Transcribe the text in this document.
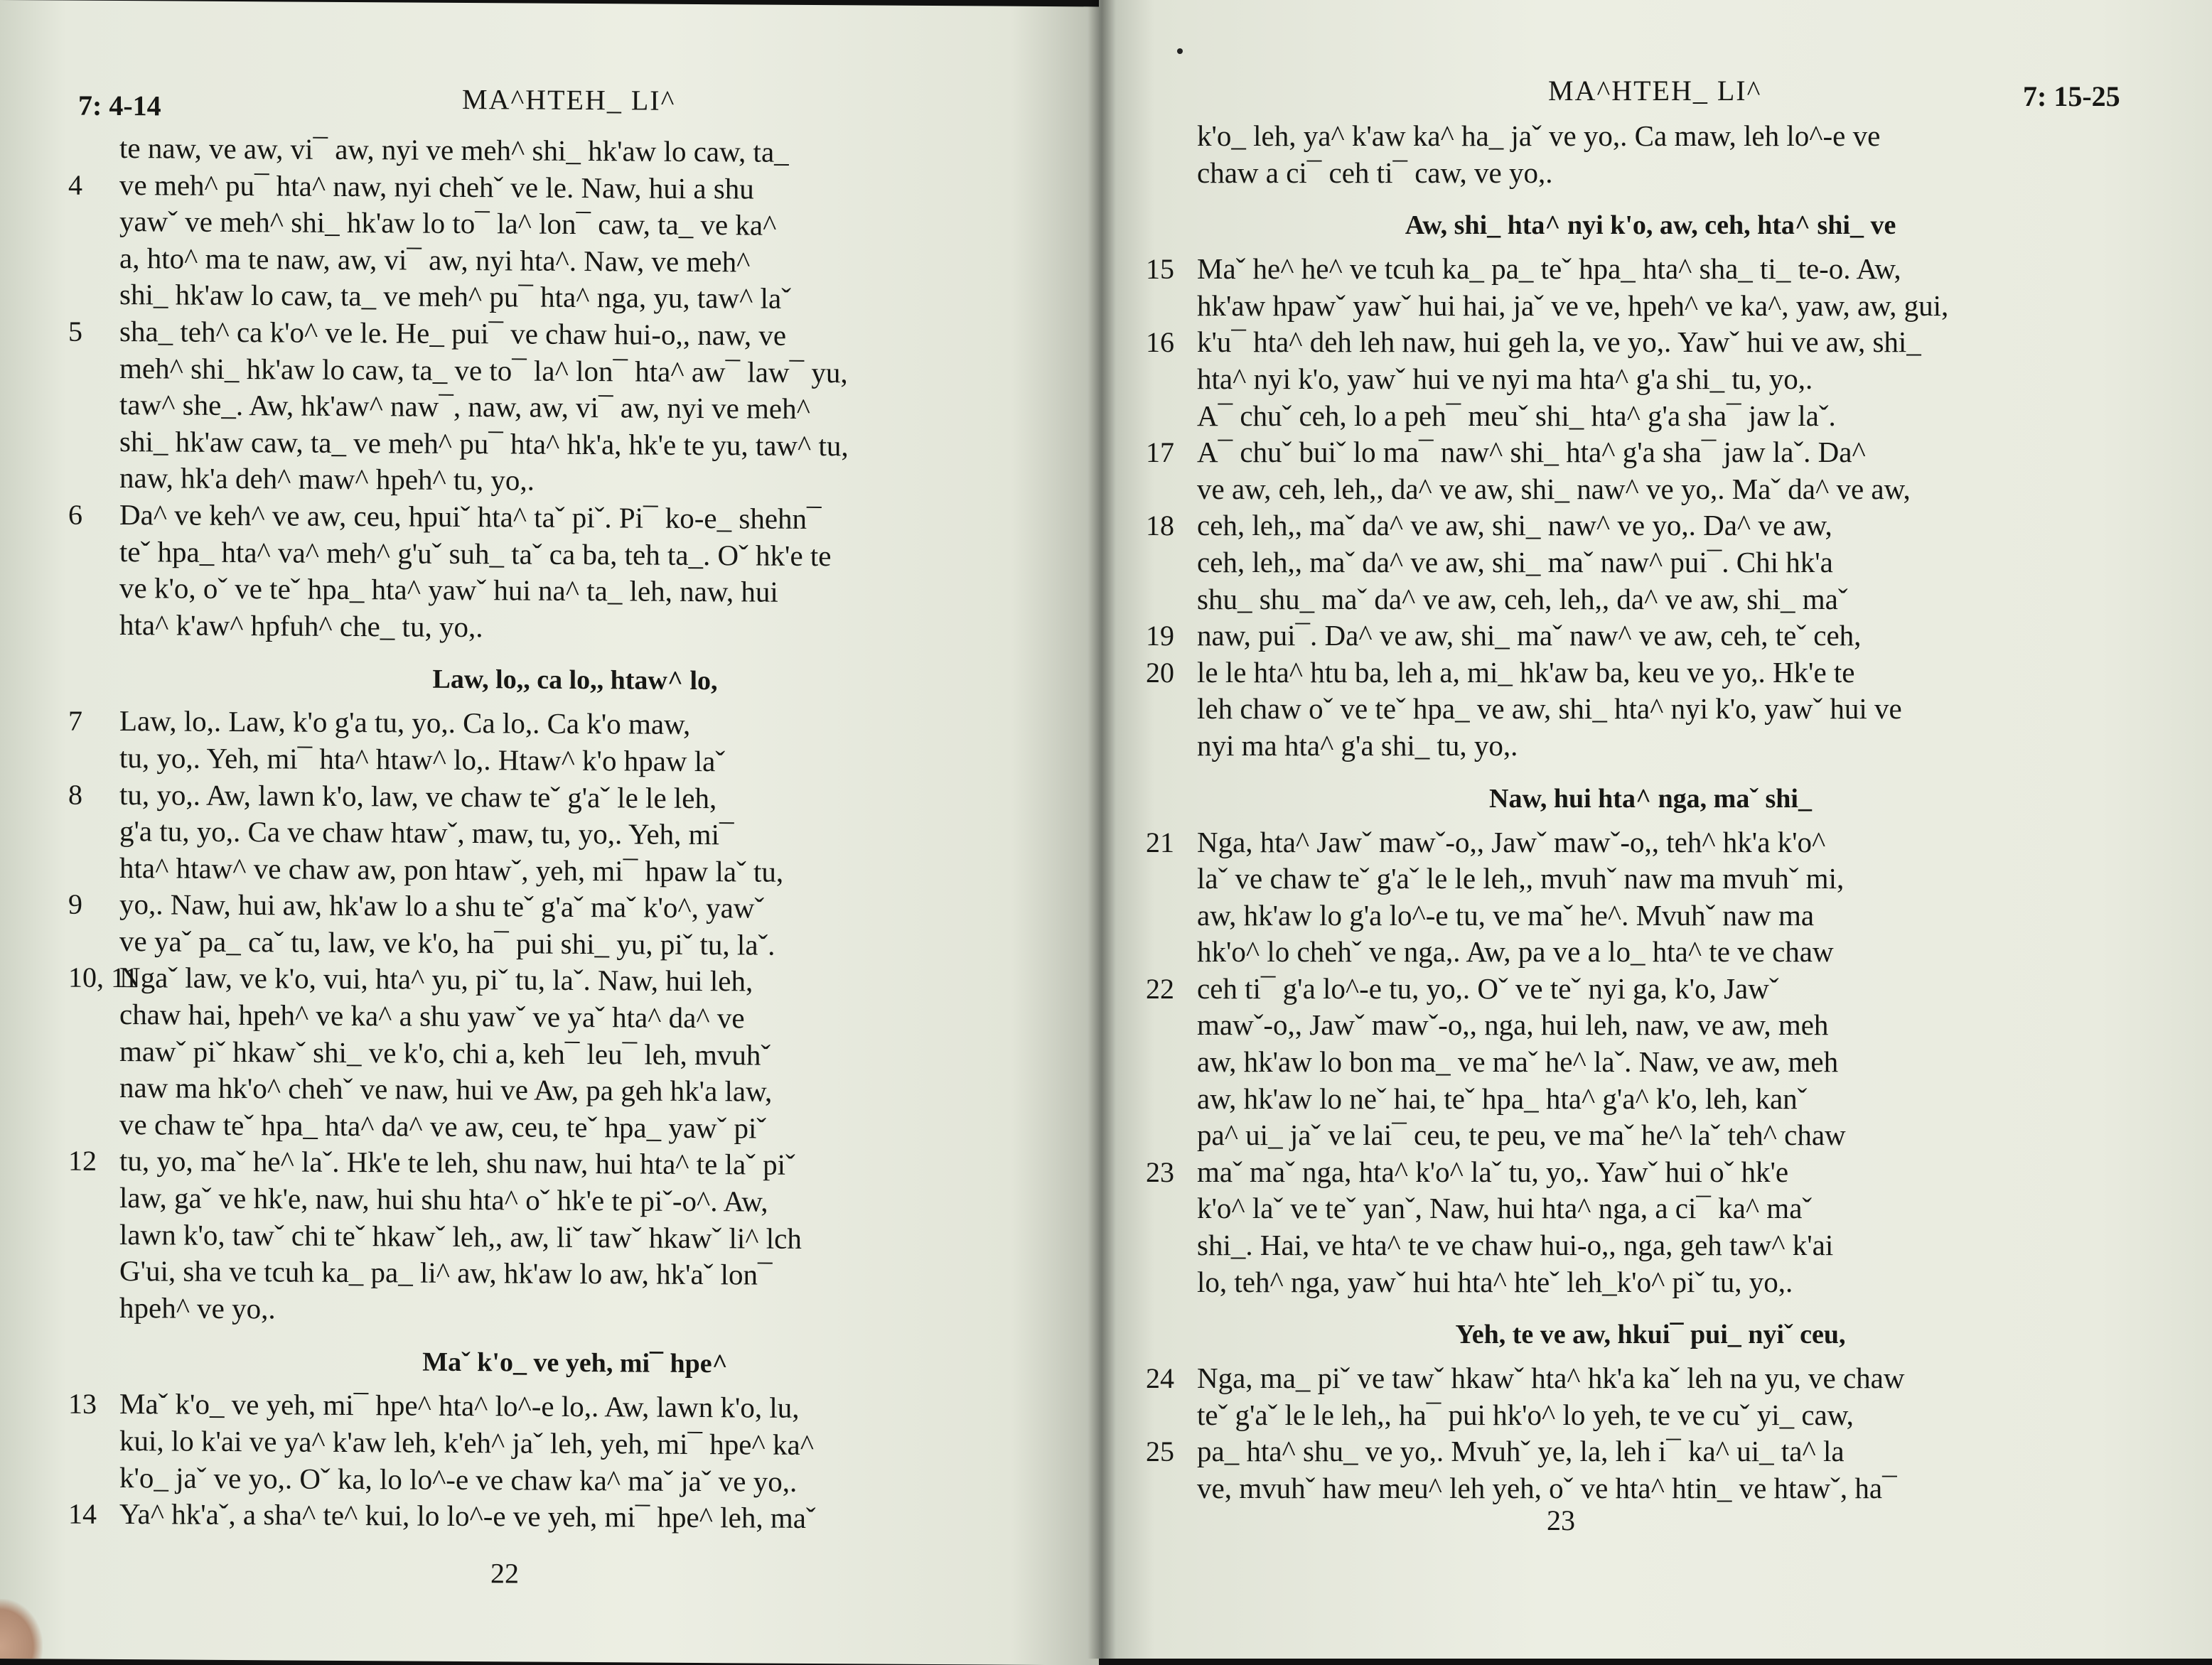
7: 4-14	MA^HTEH_ LI^
te naw, ve aw, vi¯ aw, nyi ve meh^ shi_ hk'aw lo caw, ta_
4	ve meh^ pu¯ hta^ naw, nyi chehˇ ve le. Naw, hui a shu
yawˇ ve meh^ shi_ hk'aw lo to¯ la^ lon¯ caw, ta_ ve ka^
a, hto^ ma te naw, aw, vi¯ aw, nyi hta^. Naw, ve meh^
shi_ hk'aw lo caw, ta_ ve meh^ pu¯ hta^ nga, yu, taw^ laˇ
5	sha_ teh^ ca k'o^ ve le. He_ pui¯ ve chaw hui-o,, naw, ve
meh^ shi_ hk'aw lo caw, ta_ ve to¯ la^ lon¯ hta^ aw¯ law¯ yu,
taw^ she_. Aw, hk'aw^ naw¯, naw, aw, vi¯ aw, nyi ve meh^
shi_ hk'aw caw, ta_ ve meh^ pu¯ hta^ hk'a, hk'e te yu, taw^ tu,
naw, hk'a deh^ maw^ hpeh^ tu, yo,.
6	Da^ ve keh^ ve aw, ceu, hpuiˇ hta^ taˇ piˇ. Pi¯ ko-e_ shehn¯
teˇ hpa_ hta^ va^ meh^ g'uˇ suh_ taˇ ca ba, teh ta_. Oˇ hk'e te
ve k'o, oˇ ve teˇ hpa_ hta^ yawˇ hui na^ ta_ leh, naw, hui
hta^ k'aw^ hpfuh^ che_ tu, yo,.
Law, lo,, ca lo,, htaw^ lo,
7	Law, lo,. Law, k'o g'a tu, yo,. Ca lo,. Ca k'o maw,
tu, yo,. Yeh, mi¯ hta^ htaw^ lo,. Htaw^ k'o hpaw laˇ
8	tu, yo,. Aw, lawn k'o, law, ve chaw teˇ g'aˇ le le leh,
g'a tu, yo,. Ca ve chaw htawˇ, maw, tu, yo,. Yeh, mi¯
hta^ htaw^ ve chaw aw, pon htawˇ, yeh, mi¯ hpaw laˇ tu,
9	yo,. Naw, hui aw, hk'aw lo a shu teˇ g'aˇ maˇ k'o^, yawˇ
ve yaˇ pa_ caˇ tu, law, ve k'o, ha¯ pui shi_ yu, piˇ tu, laˇ.
10, 11
Ngaˇ law, ve k'o, vui, hta^ yu, piˇ tu, laˇ. Naw, hui leh,
chaw hai, hpeh^ ve ka^ a shu yawˇ ve yaˇ hta^ da^ ve
mawˇ piˇ hkawˇ shi_ ve k'o, chi a, keh¯ leu¯ leh, mvuhˇ
naw ma hk'o^ chehˇ ve naw, hui ve Aw, pa geh hk'a law,
ve chaw teˇ hpa_ hta^ da^ ve aw, ceu, teˇ hpa_ yawˇ piˇ
12 tu, yo, maˇ he^ laˇ. Hk'e te leh, shu naw, hui hta^ te laˇ piˇ
law, gaˇ ve hk'e, naw, hui shu hta^ oˇ hk'e te piˇ-o^. Aw,
lawn k'o, tawˇ chi teˇ hkawˇ leh,, aw, liˇ tawˇ hkawˇ li^ lch
G'ui, sha ve tcuh ka_ pa_ li^ aw, hk'aw lo aw, hk'aˇ lon¯
hpeh^ ve yo,.
Maˇ k'o_ ve yeh, mi¯ hpe^
13 Maˇ k'o_ ve yeh, mi¯ hpe^ hta^ lo^-e lo,. Aw, lawn k'o, lu,
kui, lo k'ai ve ya^ k'aw leh, k'eh^ jaˇ leh, yeh, mi¯ hpe^ ka^
k'o_ jaˇ ve yo,. Oˇ ka, lo lo^-e ve chaw ka^ maˇ jaˇ ve yo,.
14 Ya^ hk'aˇ, a sha^ te^ kui, lo lo^-e ve yeh, mi¯ hpe^ leh, maˇ
22
MA^HTEH_ LI^	7: 15-25
k'o_ leh, ya^ k'aw ka^ ha_ jaˇ ve yo,. Ca maw, leh lo^-e ve
chaw a ci¯ ceh ti¯ caw, ve yo,.
Aw, shi_ hta^ nyi k'o, aw, ceh, hta^ shi_ ve
15 Maˇ he^ he^ ve tcuh ka_ pa_ teˇ hpa_ hta^ sha_ ti_ te-o. Aw,
hk'aw hpawˇ yawˇ hui hai, jaˇ ve ve, hpeh^ ve ka^, yaw, aw, gui,
16 k'u¯ hta^ deh leh naw, hui geh la, ve yo,. Yawˇ hui ve aw, shi_
hta^ nyi k'o, yawˇ hui ve nyi ma hta^ g'a shi_ tu, yo,.
A¯ chuˇ ceh, lo a peh¯ meuˇ shi_ hta^ g'a sha¯ jaw laˇ.
17 A¯ chuˇ buiˇ lo ma¯ naw^ shi_ hta^ g'a sha¯ jaw laˇ. Da^
ve aw, ceh, leh,, da^ ve aw, shi_ naw^ ve yo,. Maˇ da^ ve aw,
18 ceh, leh,, maˇ da^ ve aw, shi_ naw^ ve yo,. Da^ ve aw,
ceh, leh,, maˇ da^ ve aw, shi_ maˇ naw^ pui¯. Chi hk'a
shu_ shu_ maˇ da^ ve aw, ceh, leh,, da^ ve aw, shi_ maˇ
19 naw, pui¯. Da^ ve aw, shi_ maˇ naw^ ve aw, ceh, teˇ ceh,
20 le le hta^ htu ba, leh a, mi_ hk'aw ba, keu ve yo,. Hk'e te
leh chaw oˇ ve teˇ hpa_ ve aw, shi_ hta^ nyi k'o, yawˇ hui ve
nyi ma hta^ g'a shi_ tu, yo,.
Naw, hui hta^ nga, maˇ shi_
21 Nga, hta^ Jawˇ mawˇ-o,, Jawˇ mawˇ-o,, teh^ hk'a k'o^
laˇ ve chaw teˇ g'aˇ le le leh,, mvuhˇ naw ma mvuhˇ mi,
aw, hk'aw lo g'a lo^-e tu, ve maˇ he^. Mvuhˇ naw ma
hk'o^ lo chehˇ ve nga,. Aw, pa ve a lo_ hta^ te ve chaw
22 ceh ti¯ g'a lo^-e tu, yo,. Oˇ ve teˇ nyi ga, k'o, Jawˇ
mawˇ-o,, Jawˇ mawˇ-o,, nga, hui leh, naw, ve aw, meh
aw, hk'aw lo bon ma_ ve maˇ he^ laˇ. Naw, ve aw, meh
aw, hk'aw lo neˇ hai, teˇ hpa_ hta^ g'a^ k'o, leh, kanˇ
pa^ ui_ jaˇ ve lai¯ ceu, te peu, ve maˇ he^ laˇ teh^ chaw
23 maˇ maˇ nga, hta^ k'o^ laˇ tu, yo,. Yawˇ hui oˇ hk'e
k'o^ laˇ ve teˇ yanˇ, Naw, hui hta^ nga, a ci¯ ka^ maˇ
shi_. Hai, ve hta^ te ve chaw hui-o,, nga, geh taw^ k'ai
lo, teh^ nga, yawˇ hui hta^ hteˇ leh_k'o^ piˇ tu, yo,.
Yeh, te ve aw, hkui¯ pui_ nyiˇ ceu,
24 Nga, ma_ piˇ ve tawˇ hkawˇ hta^ hk'a kaˇ leh na yu, ve chaw
teˇ g'aˇ le le leh,, ha¯ pui hk'o^ lo yeh, te ve cuˇ yi_ caw,
25 pa_ hta^ shu_ ve yo,. Mvuhˇ ye, la, leh i¯ ka^ ui_ ta^ la
ve, mvuhˇ haw meu^ leh yeh, oˇ ve hta^ htin_ ve htawˇ, ha¯
23
